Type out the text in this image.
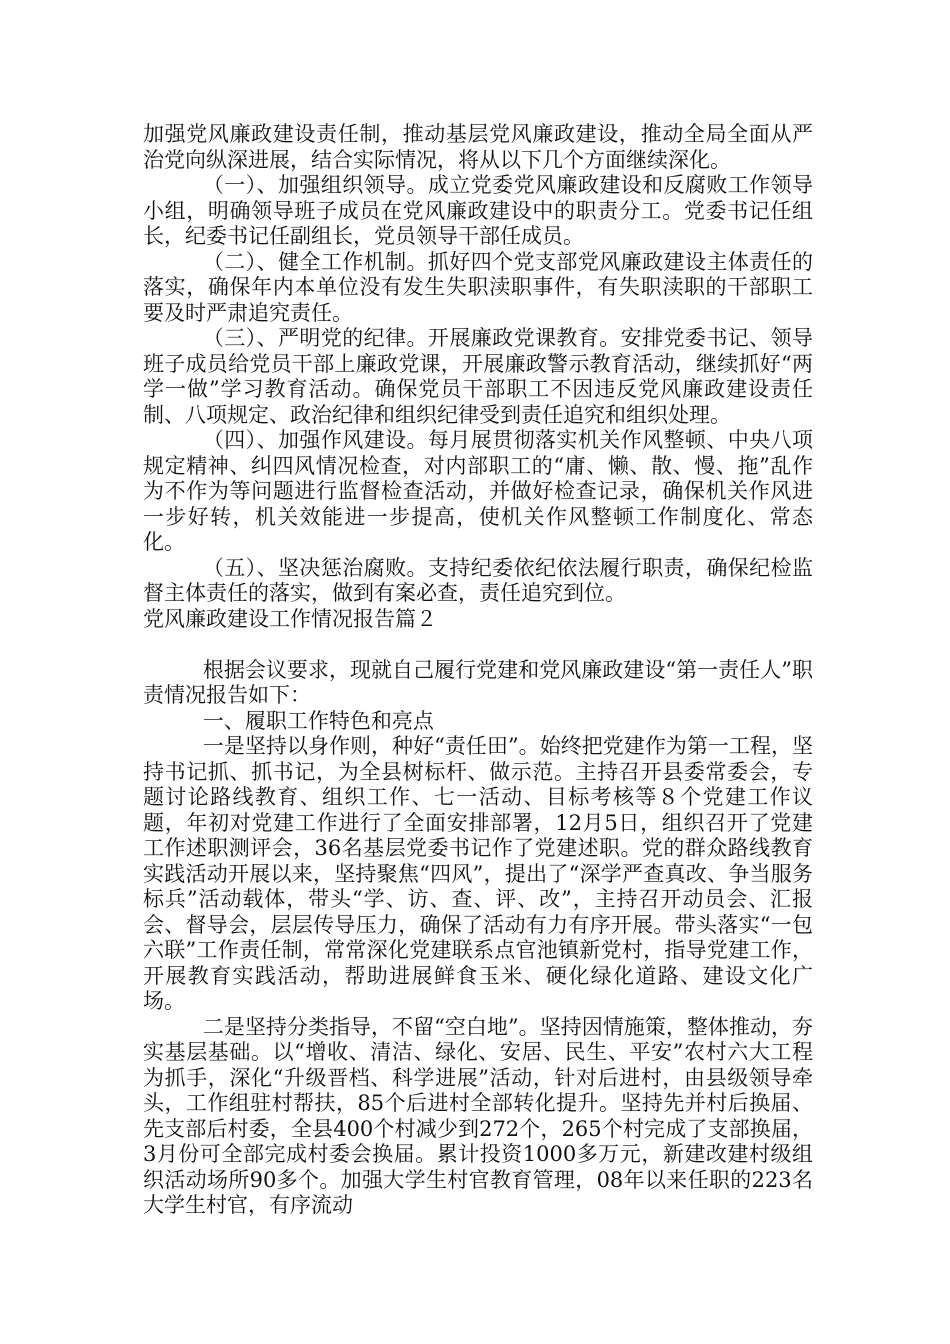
加强党风廉政建设责任制，推动基层党风廉政建设，推动全局全面从严治党向纵深进展，结合实际情况，将从以下几个方面继续深化。

（一）、加强组织领导。成立党委党风廉政建设和反腐败工作领导小组，明确领导班子成员在党风廉政建设中的职责分工。党委书记任组长，纪委书记任副组长，党员领导干部任成员。

（二）、健全工作机制。抓好四个党支部党风廉政建设主体责任的落实，确保年内本单位没有发生失职渎职事件，有失职渎职的干部职工要及时严肃追究责任。

（三）、严明党的纪律。开展廉政党课教育。安排党委书记、领导班子成员给党员干部上廉政党课，开展廉政警示教育活动，继续抓好“两学一做”学习教育活动。确保党员干部职工不因违反党风廉政建设责任制、八项规定、政治纪律和组织纪律受到责任追究和组织处理。

（四）、加强作风建设。每月展贯彻落实机关作风整顿、中央八项规定精神、纠四风情况检查，对内部职工的“庸、懒、散、慢、拖”乱作为不作为等问题进行监督检查活动，并做好检查记录，确保机关作风进一步好转，机关效能进一步提高，使机关作风整顿工作制度化、常态化。

（五）、坚决惩治腐败。支持纪委依纪依法履行职责，确保纪检监督主体责任的落实，做到有案必查，责任追究到位。

党风廉政建设工作情况报告篇２

根据会议要求，现就自己履行党建和党风廉政建设“第一责任人”职责情况报告如下：

一、履职工作特色和亮点

一是坚持以身作则，种好“责任田”。始终把党建作为第一工程，坚持书记抓、抓书记，为全县树标杆、做示范。主持召开县委常委会，专题讨论路线教育、组织工作、七一活动、目标考核等８个党建工作议题，年初对党建工作进行了全面安排部署，12月5日，组织召开了党建工作述职测评会，36名基层党委书记作了党建述职。党的群众路线教育实践活动开展以来，坚持聚焦“四风”，提出了“深学严查真改、争当服务标兵”活动载体，带头“学、访、查、评、改”，主持召开动员会、汇报会、督导会，层层传导压力，确保了活动有力有序开展。带头落实“一包六联”工作责任制，常常深化党建联系点官池镇新党村，指导党建工作，开展教育实践活动，帮助进展鲜食玉米、硬化绿化道路、建设文化广场。

二是坚持分类指导，不留“空白地”。坚持因情施策，整体推动，夯实基层基础。以“增收、清洁、绿化、安居、民生、平安”农村六大工程为抓手，深化“升级晋档、科学进展”活动，针对后进村，由县级领导牵头，工作组驻村帮扶，85个后进村全部转化提升。坚持先并村后换届、先支部后村委，全县400个村减少到272个，265个村完成了支部换届，3月份可全部完成村委会换届。累计投资1000多万元，新建改建村级组织活动场所90多个。加强大学生村官教育管理，08年以来任职的223名大学生村官，有序流动
